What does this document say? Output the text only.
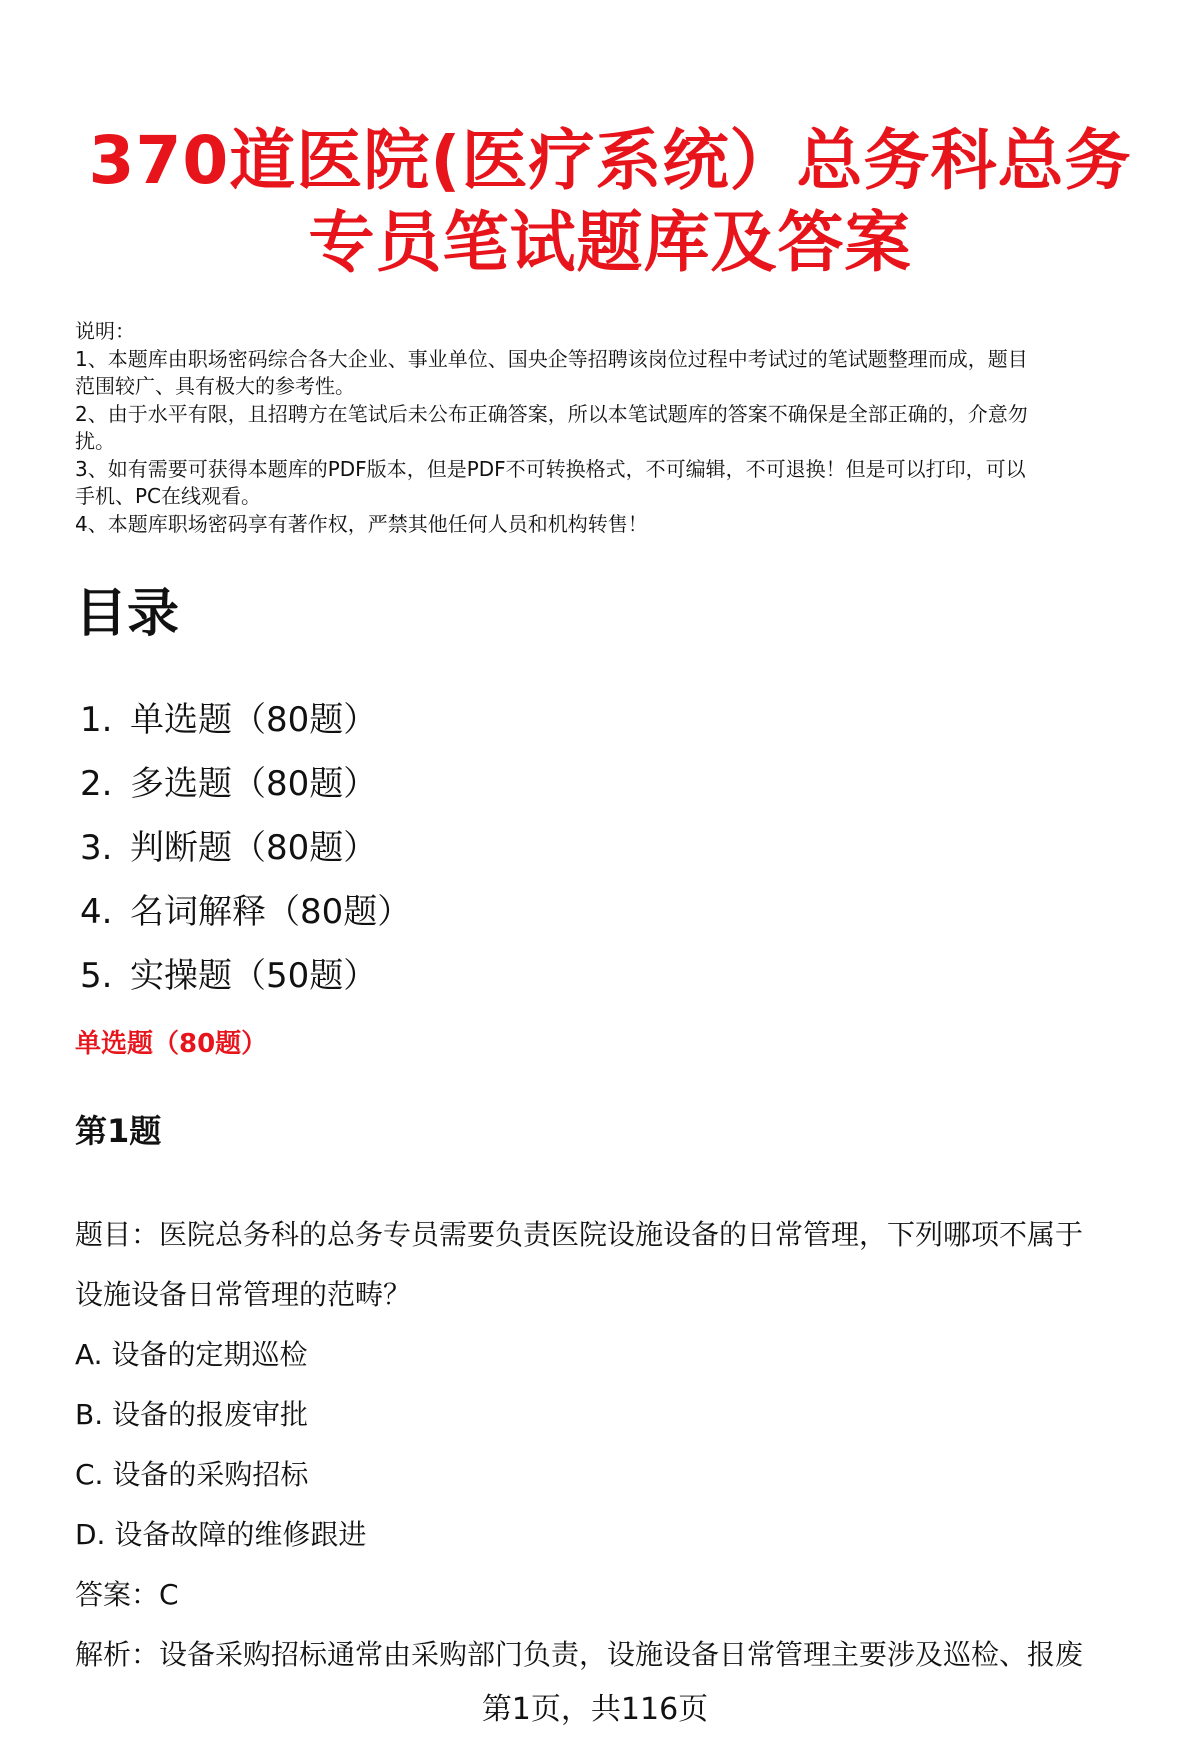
370道医院(医疗系统）总务科总务
专员笔试题库及答案

说明：

1、本题库由职场密码综合各大企业、事业单位、国央企等招聘该岗位过程中考试过的笔试题整理而成，题目

范围较广、具有极大的参考性。

2、由于水平有限，且招聘方在笔试后未公布正确答案，所以本笔试题库的答案不确保是全部正确的，介意勿

扰。

3、如有需要可获得本题库的PDF版本，但是PDF不可转换格式，不可编辑，不可退换！但是可以打印，可以

手机、PC在线观看。

4、本题库职场密码享有著作权，严禁其他任何人员和机构转售！

目录
1. 单选题（80题）
2. 多选题（80题）
3. 判断题（80题）
4. 名词解释（80题）
5. 实操题（50题）
单选题（80题）
第1题

题目：医院总务科的总务专员需要负责医院设施设备的日常管理，下列哪项不属于

设施设备日常管理的范畴？

A. 设备的定期巡检

B. 设备的报废审批

C. 设备的采购招标

D. 设备故障的维修跟进

答案：C

解析：设备采购招标通常由采购部门负责，设施设备日常管理主要涉及巡检、报废

第1页，共116页
